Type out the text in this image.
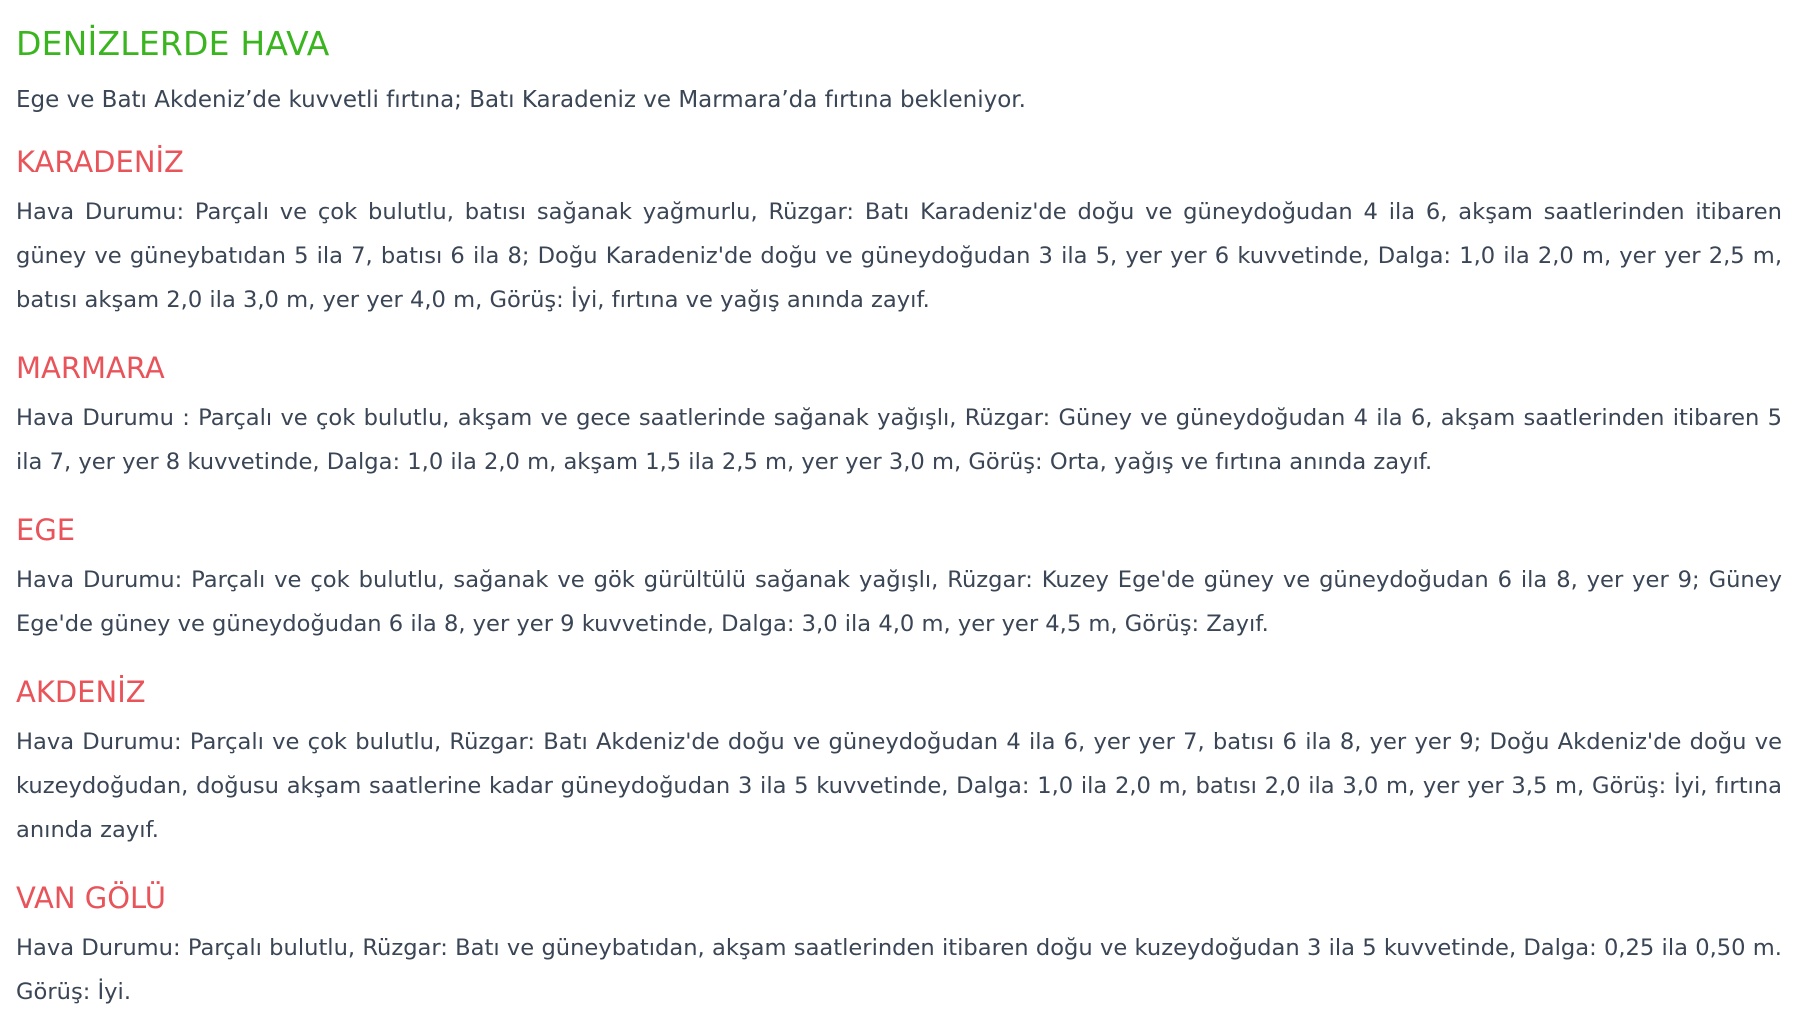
DENİZLERDE HAVA

Ege ve Batı Akdeniz’de kuvvetli fırtına; Batı Karadeniz ve Marmara’da fırtına bekleniyor.

KARADENİZ

Hava Durumu: Parçalı ve çok bulutlu, batısı sağanak yağmurlu, Rüzgar: Batı Karadeniz'de doğu ve güneydoğudan 4 ila 6, akşam saatlerinden itibaren güney ve güneybatıdan 5 ila 7, batısı 6 ila 8; Doğu Karadeniz'de doğu ve güneydoğudan 3 ila 5, yer yer 6 kuvvetinde, Dalga: 1,0 ila 2,0 m, yer yer 2,5 m, batısı akşam 2,0 ila 3,0 m, yer yer 4,0 m, Görüş: İyi, fırtına ve yağış anında zayıf.

MARMARA

Hava Durumu : Parçalı ve çok bulutlu, akşam ve gece saatlerinde sağanak yağışlı, Rüzgar: Güney ve güneydoğudan 4 ila 6, akşam saatlerinden itibaren 5 ila 7, yer yer 8 kuvvetinde, Dalga: 1,0 ila 2,0 m, akşam 1,5 ila 2,5 m, yer yer 3,0 m, Görüş: Orta, yağış ve fırtına anında zayıf.

EGE

Hava Durumu: Parçalı ve çok bulutlu, sağanak ve gök gürültülü sağanak yağışlı, Rüzgar: Kuzey Ege'de güney ve güneydoğudan 6 ila 8, yer yer 9; Güney Ege'de güney ve güneydoğudan 6 ila 8, yer yer 9 kuvvetinde, Dalga: 3,0 ila 4,0 m, yer yer 4,5 m, Görüş: Zayıf.

AKDENİZ

Hava Durumu: Parçalı ve çok bulutlu, Rüzgar: Batı Akdeniz'de doğu ve güneydoğudan 4 ila 6, yer yer 7, batısı 6 ila 8, yer yer 9; Doğu Akdeniz'de doğu ve kuzeydoğudan, doğusu akşam saatlerine kadar güneydoğudan 3 ila 5 kuvvetinde, Dalga: 1,0 ila 2,0 m, batısı 2,0 ila 3,0 m, yer yer 3,5 m, Görüş: İyi, fırtına anında zayıf.

VAN GÖLÜ

Hava Durumu: Parçalı bulutlu, Rüzgar: Batı ve güneybatıdan, akşam saatlerinden itibaren doğu ve kuzeydoğudan 3 ila 5 kuvvetinde, Dalga: 0,25 ila 0,50 m. Görüş: İyi.
